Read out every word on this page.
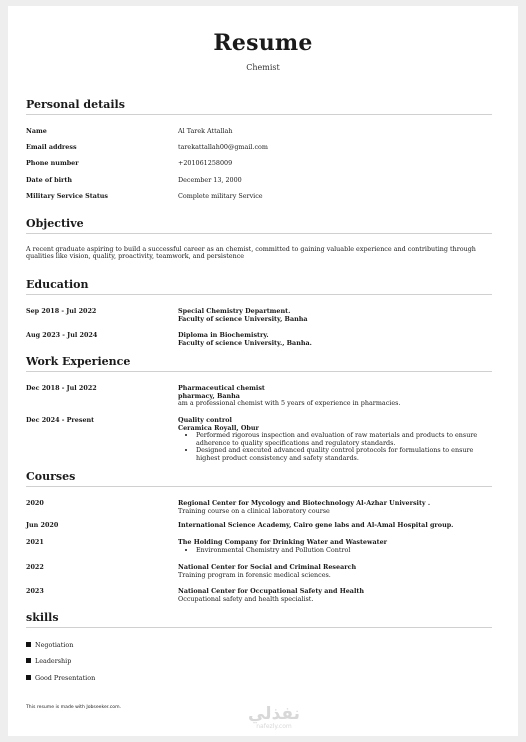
Resume
Chemist
Personal details
Name	Al Tarek Attallah
Email address	tarekattallah00@gmail.com
Phone number	+201061258009
Date of birth	December 13, 2000
Military Service Status	Complete military Service
Objective
A recent graduate aspiring to build a successful career as an chemist, committed to gaining valuable experience and contributing through qualities like vision, quality, proactivity, teamwork, and persistence
Education
Sep 2018 - Jul 2022	Special Chemistry Department.
Faculty of science University, Banha
Aug 2023 - Jul 2024	Diploma in Biochemistry.
Faculty of science University., Banha.
Work Experience
Dec 2018 - Jul 2022	Pharmaceutical chemist
pharmacy, Banha
am a professional chemist with 5 years of experience in pharmacies.
Dec 2024 - Present	Quality control
Ceramica Royall, Obur
• Performed rigorous inspection and evaluation of raw materials and products to ensure adherence to quality specifications and regulatory standards.
• Designed and executed advanced quality control protocols for formulations to ensure highest product consistency and safety standards.
Courses
2020	Regional Center for Mycology and Biotechnology Al-Azhar University .
Training course on a clinical laboratory course
Jun 2020	International Science Academy, Cairo gene labs and Al-Amal Hospital group.
2021	The Holding Company for Drinking Water and Wastewater
• Environmental Chemistry and Pollution Control
2022	National Center for Social and Criminal Research
Training program in forensic medical sciences.
2023	National Center for Occupational Safety and Health
Occupational safety and health specialist.
skills
Negotiation
Leadership
Good Presentation
This resume is made with Jobseeker.com.	نفذلي
nafezly.com
